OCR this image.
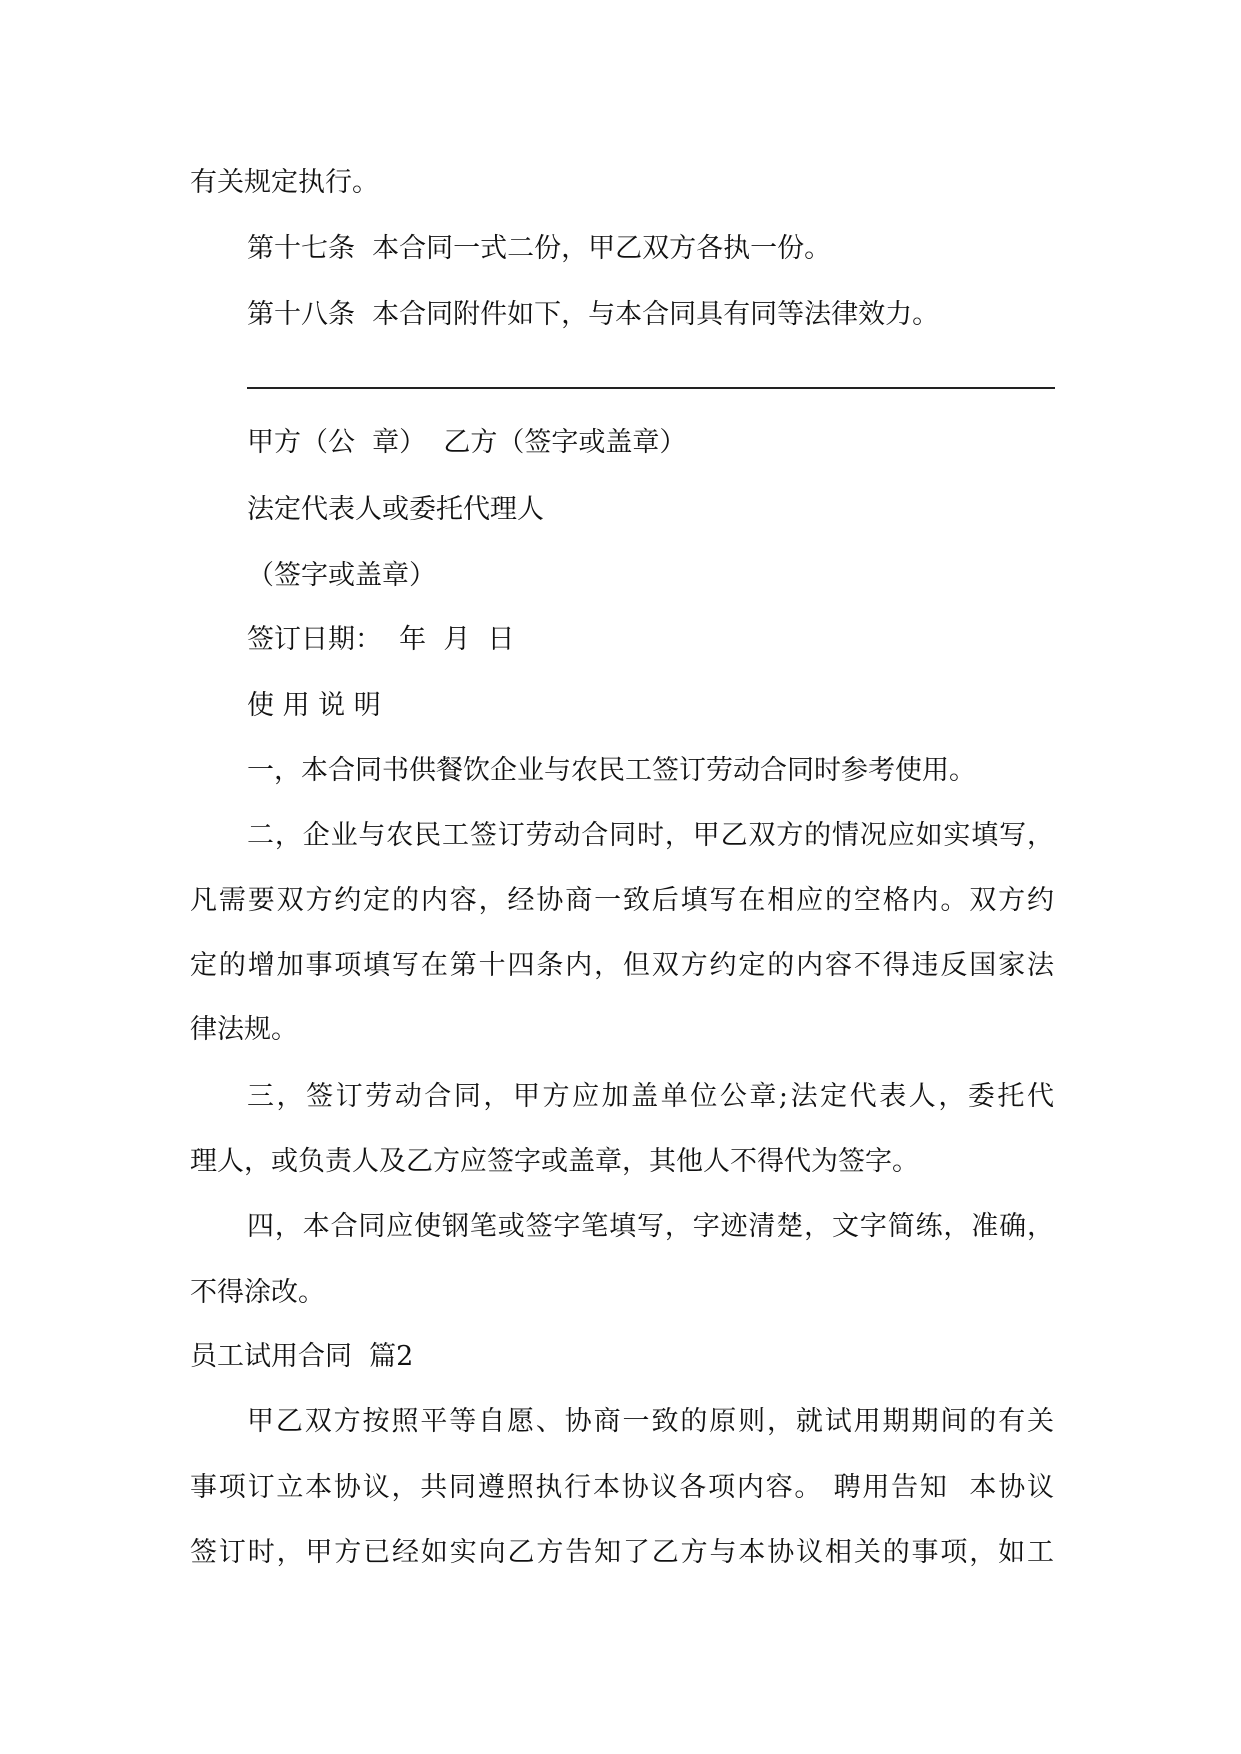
有关规定执行。

第十七条  本合同一式二份，甲乙双方各执一份。

第十八条  本合同附件如下，与本合同具有同等法律效力。

甲方（公  章）  乙方（签字或盖章）

法定代表人或委托代理人

（签字或盖章）

签订日期：  年  月  日

使 用 说 明

一，本合同书供餐饮企业与农民工签订劳动合同时参考使用。

二，企业与农民工签订劳动合同时，甲乙双方的情况应如实填写，

凡需要双方约定的内容，经协商一致后填写在相应的空格内。双方约

定的增加事项填写在第十四条内，但双方约定的内容不得违反国家法

律法规。

三，签订劳动合同，甲方应加盖单位公章;法定代表人，委托代

理人，或负责人及乙方应签字或盖章，其他人不得代为签字。

四，本合同应使钢笔或签字笔填写，字迹清楚，文字简练，准确，

不得涂改。

员工试用合同  篇2

甲乙双方按照平等自愿、协商一致的原则，就试用期期间的有关

事项订立本协议，共同遵照执行本协议各项内容。 聘用告知  本协议

签订时，甲方已经如实向乙方告知了乙方与本协议相关的事项，如工
